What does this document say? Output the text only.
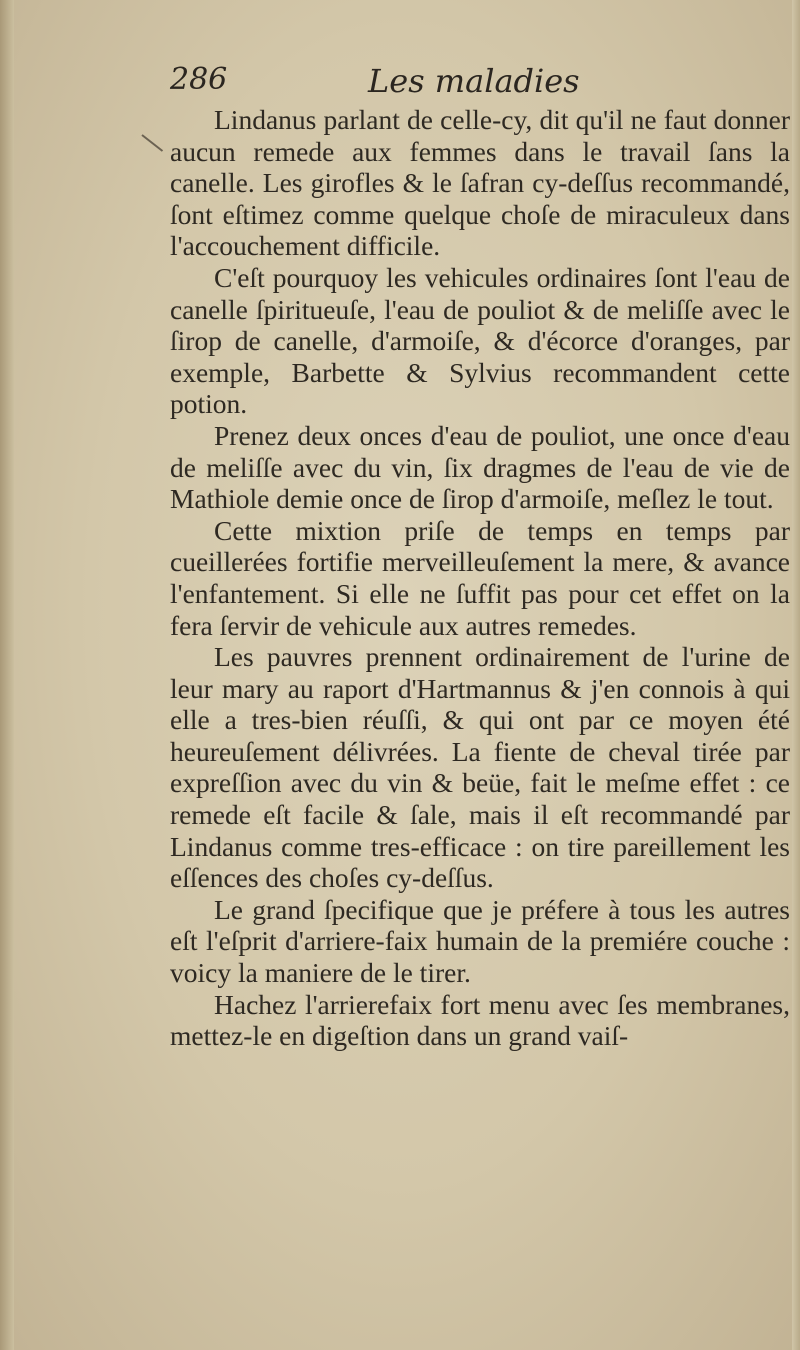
286	Les maladies

Lindanus parlant de celle-cy, dit qu'il ne faut donner aucun remede aux femmes dans le travail ſans la canelle. Les girofles & le ſafran cy-deſſus recommandé, ſont eſtimez comme quelque choſe de miraculeux dans l'accouchement difficile.

C'eſt pourquoy les vehicules ordinaires ſont l'eau de canelle ſpiritueuſe, l'eau de pouliot & de meliſſe avec le ſirop de canelle, d'armoiſe, & d'écorce d'oranges, par exemple, Barbette & Sylvius recommandent cette potion.

Prenez deux onces d'eau de pouliot, une once d'eau de meliſſe avec du vin, ſix dragmes de l'eau de vie de Mathiole demie once de ſirop d'armoiſe, meſlez le tout.

Cette mixtion priſe de temps en temps par cueillerées fortifie merveilleuſement la mere, & avance l'enfantement. Si elle ne ſuffit pas pour cet effet on la fera ſervir de vehicule aux autres remedes.

Les pauvres prennent ordinairement de l'urine de leur mary au raport d'Hartmannus & j'en connois à qui elle a tres-bien réuſſi, & qui ont par ce moyen été heureuſement délivrées. La fiente de cheval tirée par expreſſion avec du vin & beüe, fait le meſme effet : ce remede eſt facile & ſale, mais il eſt recommandé par Lindanus comme tres-efficace : on tire pareillement les eſſences des choſes cy-deſſus.

Le grand ſpecifique que je préfere à tous les autres eſt l'eſprit d'arriere-faix humain de la premiére couche : voicy la maniere de le tirer.

Hachez l'arrierefaix fort menu avec ſes membranes, mettez-le en digeſtion dans un grand vaiſ-
